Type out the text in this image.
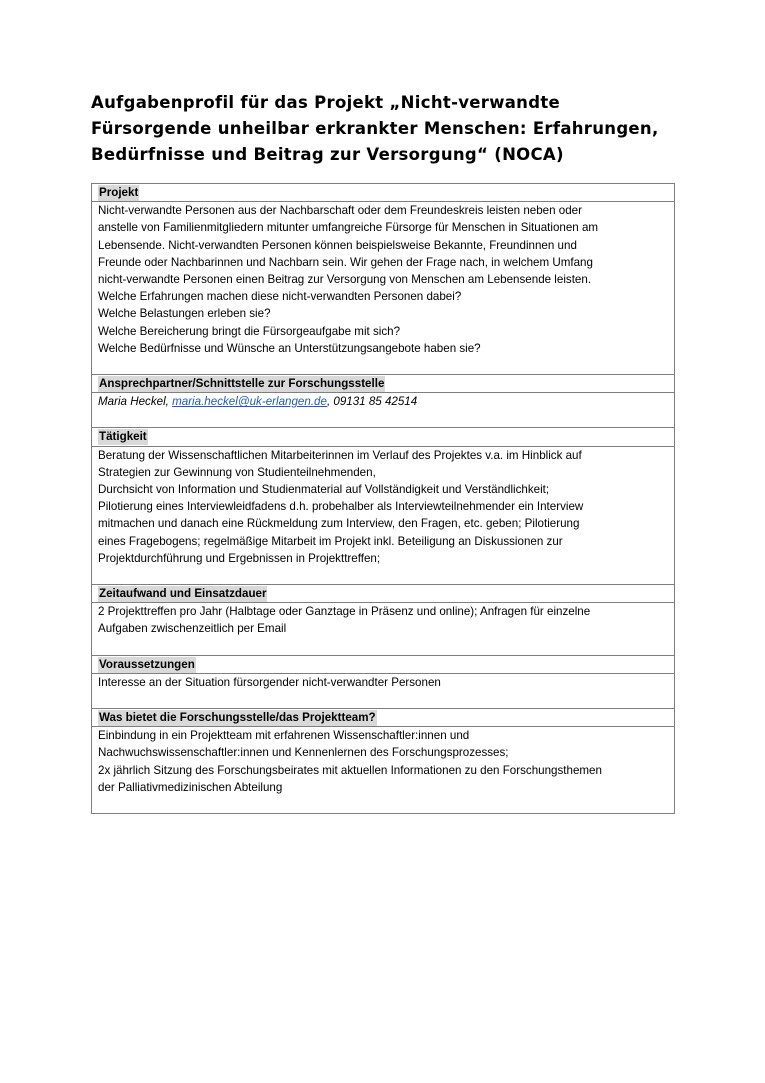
Aufgabenprofil für das Projekt „Nicht-verwandte
Fürsorgende unheilbar erkrankter Menschen: Erfahrungen,
Bedürfnisse und Beitrag zur Versorgung“ (NOCA)
Projekt

Nicht-verwandte Personen aus der Nachbarschaft oder dem Freundeskreis leisten neben oder
anstelle von Familienmitgliedern mitunter umfangreiche Fürsorge für Menschen in Situationen am
Lebensende. Nicht-verwandten Personen können beispielsweise Bekannte, Freundinnen und
Freunde oder Nachbarinnen und Nachbarn sein. Wir gehen der Frage nach, in welchem Umfang
nicht-verwandte Personen einen Beitrag zur Versorgung von Menschen am Lebensende leisten.
Welche Erfahrungen machen diese nicht-verwandten Personen dabei?
Welche Belastungen erleben sie?
Welche Bereicherung bringt die Fürsorgeaufgabe mit sich?
Welche Bedürfnisse und Wünsche an Unterstützungsangebote haben sie?

Ansprechpartner/Schnittstelle zur Forschungsstelle

Maria Heckel, maria.heckel@uk-erlangen.de, 09131 85 42514

Tätigkeit

Beratung der Wissenschaftlichen Mitarbeiterinnen im Verlauf des Projektes v.a. im Hinblick auf
Strategien zur Gewinnung von Studienteilnehmenden,
Durchsicht von Information und Studienmaterial auf Vollständigkeit und Verständlichkeit;
Pilotierung eines Interviewleidfadens d.h. probehalber als Interviewteilnehmender ein Interview
mitmachen und danach eine Rückmeldung zum Interview, den Fragen, etc. geben; Pilotierung
eines Fragebogens; regelmäßige Mitarbeit im Projekt inkl. Beteiligung an Diskussionen zur
Projektdurchführung und Ergebnissen in Projekttreffen;

Zeitaufwand und Einsatzdauer

2 Projekttreffen pro Jahr (Halbtage oder Ganztage in Präsenz und online); Anfragen für einzelne
Aufgaben zwischenzeitlich per Email

Voraussetzungen

Interesse an der Situation fürsorgender nicht-verwandter Personen

Was bietet die Forschungsstelle/das Projektteam?

Einbindung in ein Projektteam mit erfahrenen Wissenschaftler:innen und
Nachwuchswissenschaftler:innen und Kennenlernen des Forschungsprozesses;
2x jährlich Sitzung des Forschungsbeirates mit aktuellen Informationen zu den Forschungsthemen
der Palliativmedizinischen Abteilung
